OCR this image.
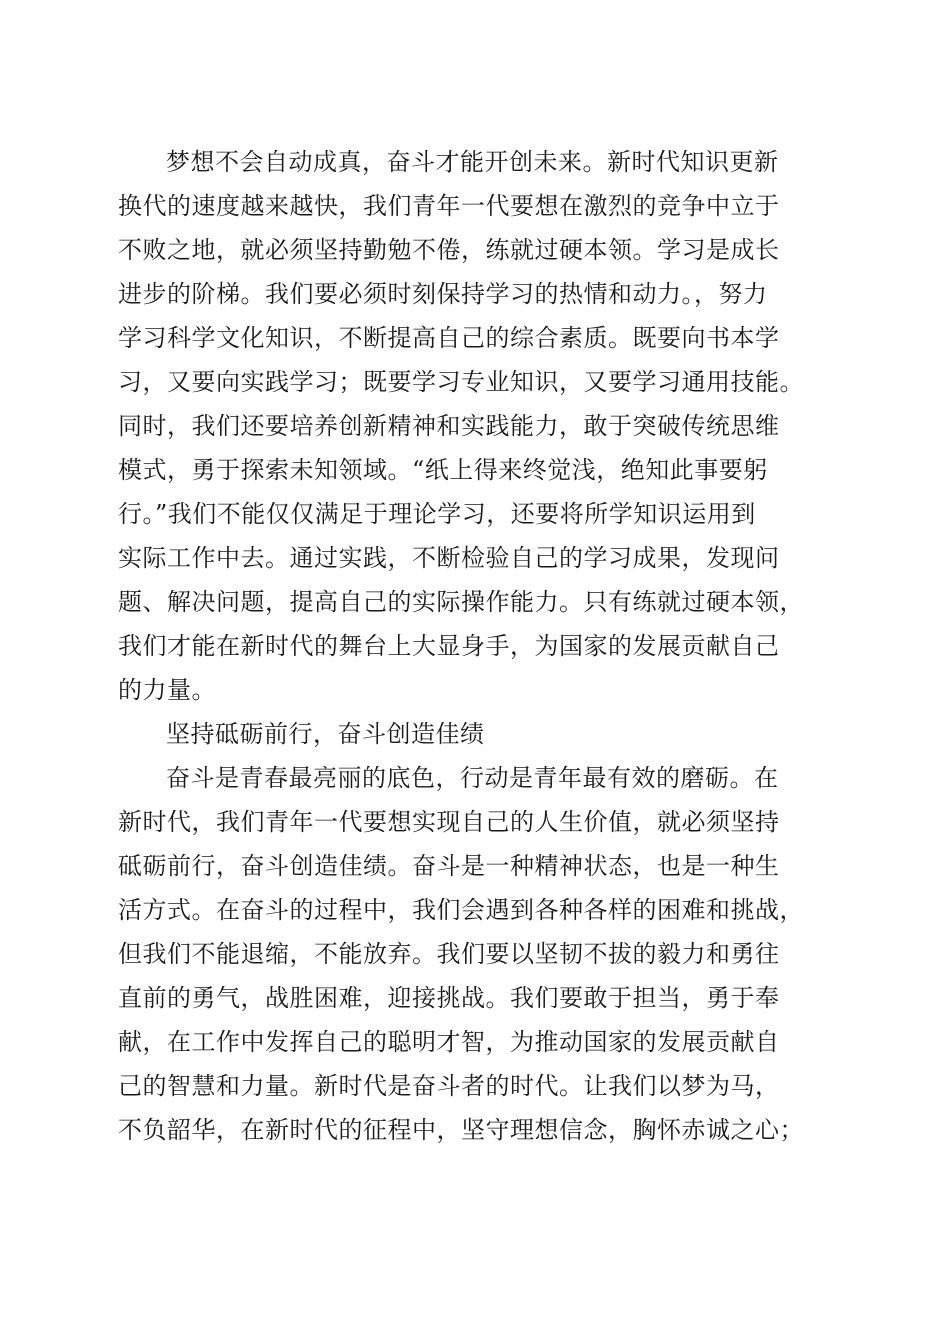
梦想不会自动成真，奋斗才能开创未来。新时代知识更新
换代的速度越来越快，我们青年一代要想在激烈的竞争中立于
不败之地，就必须坚持勤勉不倦，练就过硬本领。学习是成长
进步的阶梯。我们要必须时刻保持学习的热情和动力。，努力
学习科学文化知识，不断提高自己的综合素质。既要向书本学
习，又要向实践学习；既要学习专业知识，又要学习通用技能。
同时，我们还要培养创新精神和实践能力，敢于突破传统思维
模式，勇于探索未知领域。“纸上得来终觉浅，绝知此事要躬
行。”我们不能仅仅满足于理论学习，还要将所学知识运用到
实际工作中去。通过实践，不断检验自己的学习成果，发现问
题、解决问题，提高自己的实际操作能力。只有练就过硬本领，
我们才能在新时代的舞台上大显身手，为国家的发展贡献自己
的力量。
坚持砥砺前行，奋斗创造佳绩
奋斗是青春最亮丽的底色，行动是青年最有效的磨砺。在
新时代，我们青年一代要想实现自己的人生价值，就必须坚持
砥砺前行，奋斗创造佳绩。奋斗是一种精神状态，也是一种生
活方式。在奋斗的过程中，我们会遇到各种各样的困难和挑战，
但我们不能退缩，不能放弃。我们要以坚韧不拔的毅力和勇往
直前的勇气，战胜困难，迎接挑战。我们要敢于担当，勇于奉
献，在工作中发挥自己的聪明才智，为推动国家的发展贡献自
己的智慧和力量。新时代是奋斗者的时代。让我们以梦为马，
不负韶华，在新时代的征程中，坚守理想信念，胸怀赤诚之心；
